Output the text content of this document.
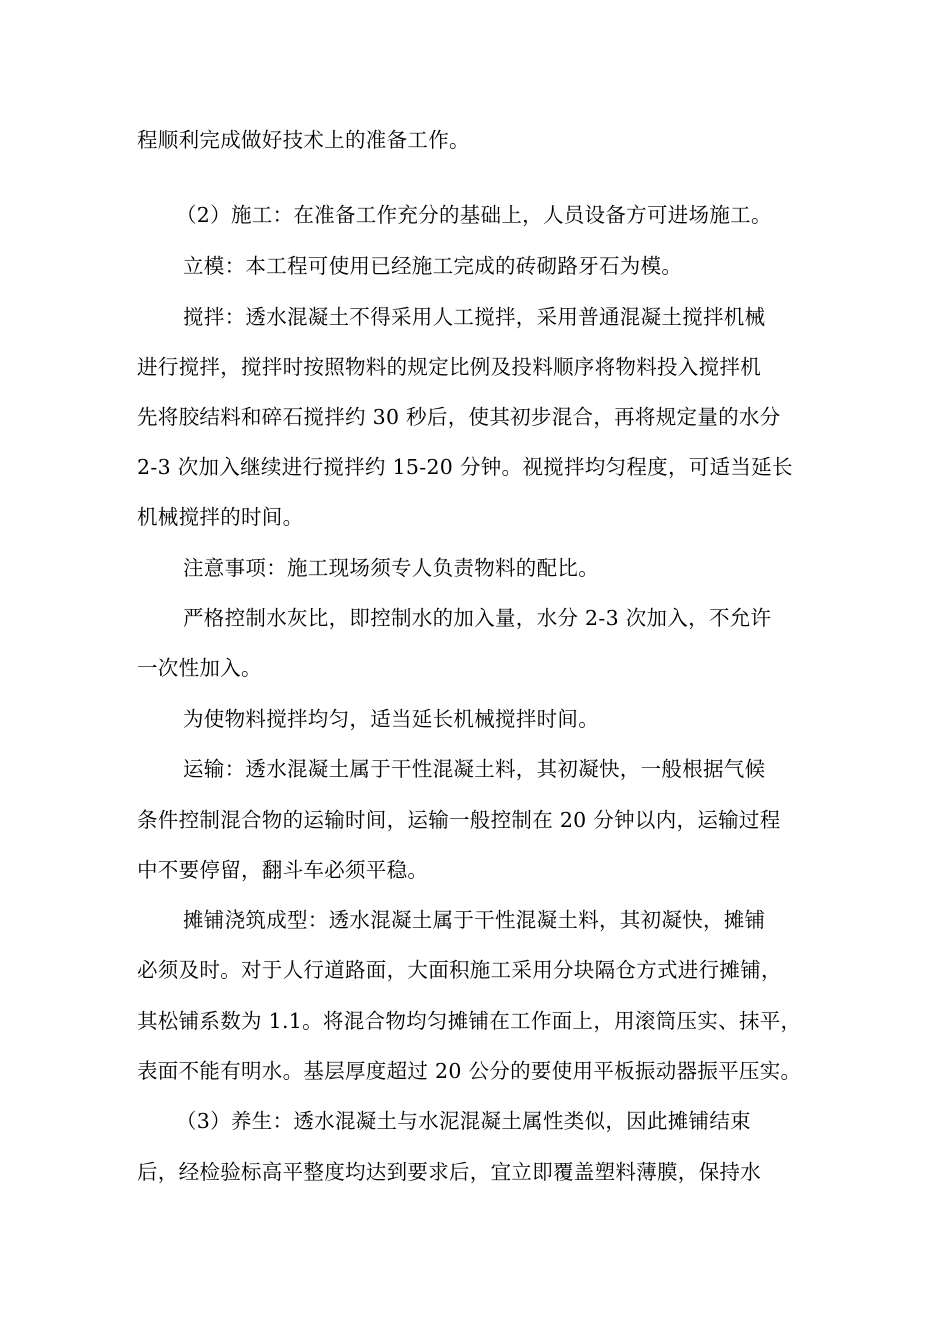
程顺利完成做好技术上的准备工作。
（2）施工：在准备工作充分的基础上，人员设备方可进场施工。
立模：本工程可使用已经施工完成的砖砌路牙石为模。
搅拌：透水混凝土不得采用人工搅拌，采用普通混凝土搅拌机械
进行搅拌，搅拌时按照物料的规定比例及投料顺序将物料投入搅拌机
先将胶结料和碎石搅拌约 30 秒后，使其初步混合，再将规定量的水分
2-3 次加入继续进行搅拌约 15-20 分钟。视搅拌均匀程度，可适当延长
机械搅拌的时间。
注意事项：施工现场须专人负责物料的配比。
严格控制水灰比，即控制水的加入量，水分 2-3 次加入，不允许
一次性加入。
为使物料搅拌均匀，适当延长机械搅拌时间。
运输：透水混凝土属于干性混凝土料，其初凝快，一般根据气候
条件控制混合物的运输时间，运输一般控制在 20 分钟以内，运输过程
中不要停留，翻斗车必须平稳。
摊铺浇筑成型：透水混凝土属于干性混凝土料，其初凝快，摊铺
必须及时。对于人行道路面，大面积施工采用分块隔仓方式进行摊铺，
其松铺系数为 1.1。将混合物均匀摊铺在工作面上，用滚筒压实、抹平，
表面不能有明水。基层厚度超过 20 公分的要使用平板振动器振平压实。
（3）养生：透水混凝土与水泥混凝土属性类似，因此摊铺结束
后，经检验标高平整度均达到要求后，宜立即覆盖塑料薄膜，保持水
